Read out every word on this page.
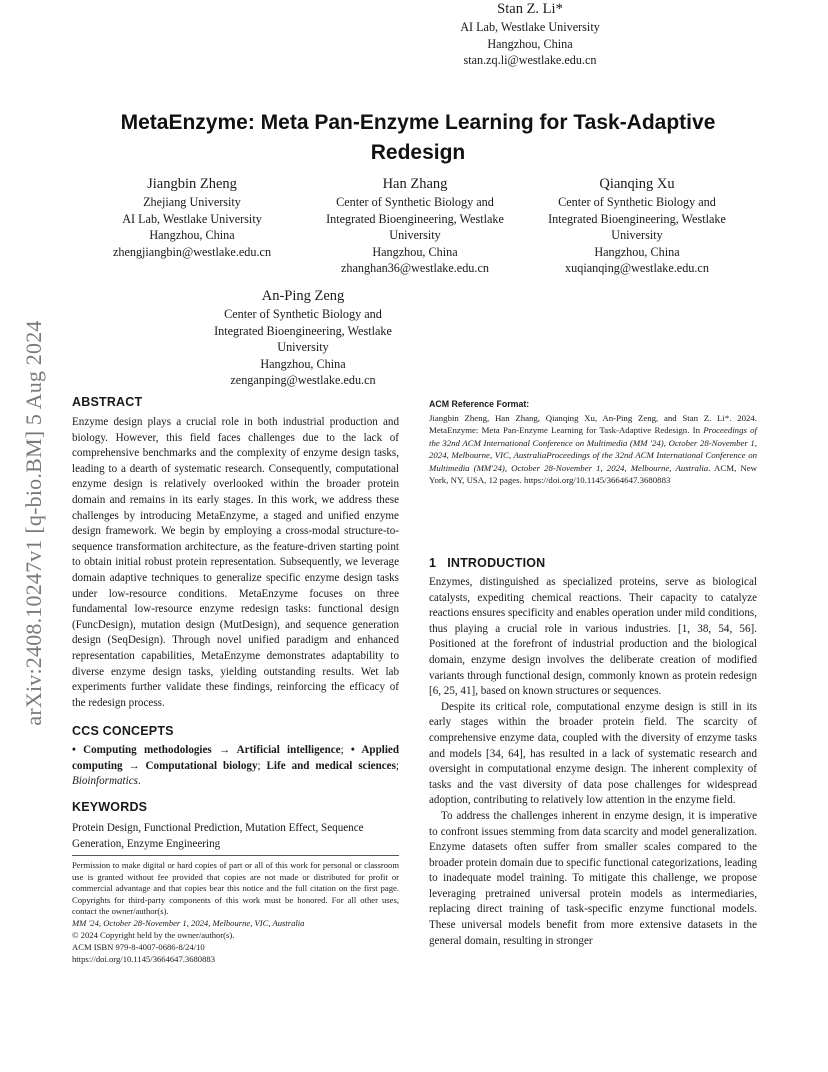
arXiv:2408.10247v1 [q-bio.BM] 5 Aug 2024
MetaEnzyme: Meta Pan-Enzyme Learning for Task-Adaptive Redesign
Jiangbin Zheng
Zhejiang University
AI Lab, Westlake University
Hangzhou, China
zhengjiangbin@westlake.edu.cn
Han Zhang
Center of Synthetic Biology and
Integrated Bioengineering, Westlake
University
Hangzhou, China
zhanghan36@westlake.edu.cn
Qianqing Xu
Center of Synthetic Biology and
Integrated Bioengineering, Westlake
University
Hangzhou, China
xuqianqing@westlake.edu.cn
An-Ping Zeng
Center of Synthetic Biology and
Integrated Bioengineering, Westlake
University
Hangzhou, China
zenganping@westlake.edu.cn
Stan Z. Li*
AI Lab, Westlake University
Hangzhou, China
stan.zq.li@westlake.edu.cn
ABSTRACT

Enzyme design plays a crucial role in both industrial production and biology. However, this field faces challenges due to the lack of comprehensive benchmarks and the complexity of enzyme design tasks, leading to a dearth of systematic research. Consequently, computational enzyme design is relatively overlooked within the broader protein domain and remains in its early stages. In this work, we address these challenges by introducing MetaEnzyme, a staged and unified enzyme design framework. We begin by employing a cross-modal structure-to-sequence transformation architecture, as the feature-driven starting point to obtain initial robust protein representation. Subsequently, we leverage domain adaptive techniques to generalize specific enzyme design tasks under low-resource conditions. MetaEnzyme focuses on three fundamental low-resource enzyme redesign tasks: functional design (FuncDesign), mutation design (MutDesign), and sequence generation design (SeqDesign). Through novel unified paradigm and enhanced representation capabilities, MetaEnzyme demonstrates adaptability to diverse enzyme design tasks, yielding outstanding results. Wet lab experiments further validate these findings, reinforcing the efficacy of the redesign process.

CCS CONCEPTS

• Computing methodologies → Artificial intelligence; • Applied computing → Computational biology; Life and medical sciences; Bioinformatics.

KEYWORDS

Protein Design, Functional Prediction, Mutation Effect, Sequence Generation, Enzyme Engineering

Permission to make digital or hard copies of part or all of this work for personal or classroom use is granted without fee provided that copies are not made or distributed for profit or commercial advantage and that copies bear this notice and the full citation on the first page. Copyrights for third-party components of this work must be honored. For all other uses, contact the owner/author(s).

MM '24, October 28-November 1, 2024, Melbourne, VIC, Australia

© 2024 Copyright held by the owner/author(s).

ACM ISBN 979-8-4007-0686-8/24/10

https://doi.org/10.1145/3664647.3680883

ACM Reference Format:

Jiangbin Zheng, Han Zhang, Qianqing Xu, An-Ping Zeng, and Stan Z. Li*. 2024. MetaEnzyme: Meta Pan-Enzyme Learning for Task-Adaptive Redesign. In Proceedings of the 32nd ACM International Conference on Multimedia (MM '24), October 28-November 1, 2024, Melbourne, VIC, AustraliaProceedings of the 32nd ACM International Conference on Multimedia (MM'24), October 28-November 1, 2024, Melbourne, Australia. ACM, New York, NY, USA, 12 pages. https://doi.org/10.1145/3664647.3680883

1 INTRODUCTION

Enzymes, distinguished as specialized proteins, serve as biological catalysts, expediting chemical reactions. Their capacity to catalyze reactions ensures specificity and enables operation under mild conditions, thus playing a crucial role in various industries. [1, 38, 54, 56]. Positioned at the forefront of industrial production and the biological domain, enzyme design involves the deliberate creation of modified variants through functional design, commonly known as protein redesign [6, 25, 41], based on known structures or sequences.

Despite its critical role, computational enzyme design is still in its early stages within the broader protein field. The scarcity of comprehensive enzyme data, coupled with the diversity of enzyme tasks and models [34, 64], has resulted in a lack of systematic research and oversight in computational enzyme design. The inherent complexity of tasks and the vast diversity of data pose challenges for widespread adoption, contributing to relatively low attention in the enzyme field.

To address the challenges inherent in enzyme design, it is imperative to confront issues stemming from data scarcity and model generalization. Enzyme datasets often suffer from smaller scales compared to the broader protein domain due to specific functional categorizations, leading to inadequate model training. To mitigate this challenge, we propose leveraging pretrained universal protein models as intermediaries, replacing direct training of task-specific enzyme functional models. These universal models benefit from more extensive datasets in the general domain, resulting in stronger
